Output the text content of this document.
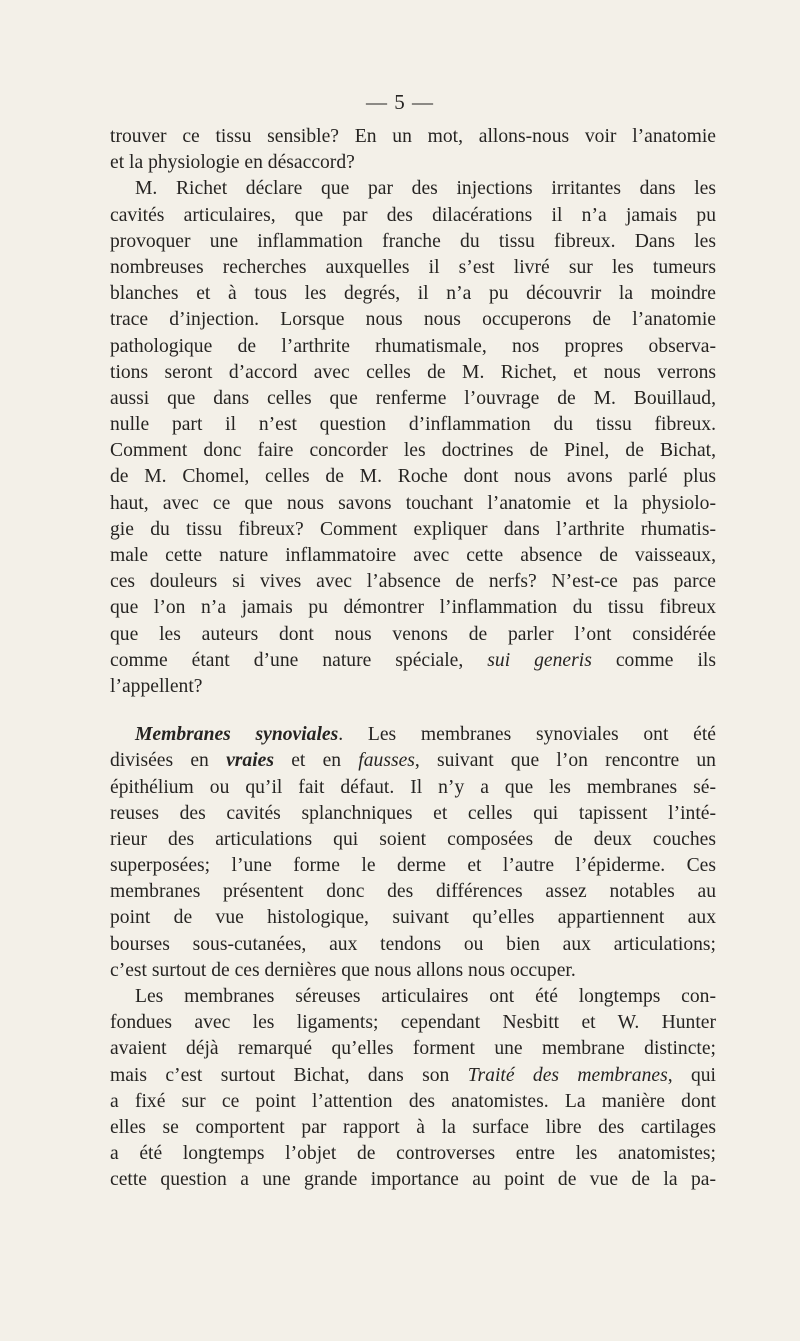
— 5 —
trouver ce tissu sensible? En un mot, allons-nous voir l’anatomie
et la physiologie en désaccord?
M. Richet déclare que par des injections irritantes dans les
cavités articulaires, que par des dilacérations il n’a jamais pu
provoquer une inflammation franche du tissu fibreux. Dans les
nombreuses recherches auxquelles il s’est livré sur les tumeurs
blanches et à tous les degrés, il n’a pu découvrir la moindre
trace d’injection. Lorsque nous nous occuperons de l’anatomie
pathologique de l’arthrite rhumatismale, nos propres observa-
tions seront d’accord avec celles de M. Richet, et nous verrons
aussi que dans celles que renferme l’ouvrage de M. Bouillaud,
nulle part il n’est question d’inflammation du tissu fibreux.
Comment donc faire concorder les doctrines de Pinel, de Bichat,
de M. Chomel, celles de M. Roche dont nous avons parlé plus
haut, avec ce que nous savons touchant l’anatomie et la physiolo-
gie du tissu fibreux? Comment expliquer dans l’arthrite rhumatis-
male cette nature inflammatoire avec cette absence de vaisseaux,
ces douleurs si vives avec l’absence de nerfs? N’est-ce pas parce
que l’on n’a jamais pu démontrer l’inflammation du tissu fibreux
que les auteurs dont nous venons de parler l’ont considérée
comme étant d’une nature spéciale, sui generis comme ils
l’appellent?
Membranes synoviales. Les membranes synoviales ont été
divisées en vraies et en fausses, suivant que l’on rencontre un
épithélium ou qu’il fait défaut. Il n’y a que les membranes sé-
reuses des cavités splanchniques et celles qui tapissent l’inté-
rieur des articulations qui soient composées de deux couches
superposées; l’une forme le derme et l’autre l’épiderme. Ces
membranes présentent donc des différences assez notables au
point de vue histologique, suivant qu’elles appartiennent aux
bourses sous-cutanées, aux tendons ou bien aux articulations;
c’est surtout de ces dernières que nous allons nous occuper.
Les membranes séreuses articulaires ont été longtemps con-
fondues avec les ligaments; cependant Nesbitt et W. Hunter
avaient déjà remarqué qu’elles forment une membrane distincte;
mais c’est surtout Bichat, dans son Traité des membranes, qui
a fixé sur ce point l’attention des anatomistes. La manière dont
elles se comportent par rapport à la surface libre des cartilages
a été longtemps l’objet de controverses entre les anatomistes;
cette question a une grande importance au point de vue de la pa-
